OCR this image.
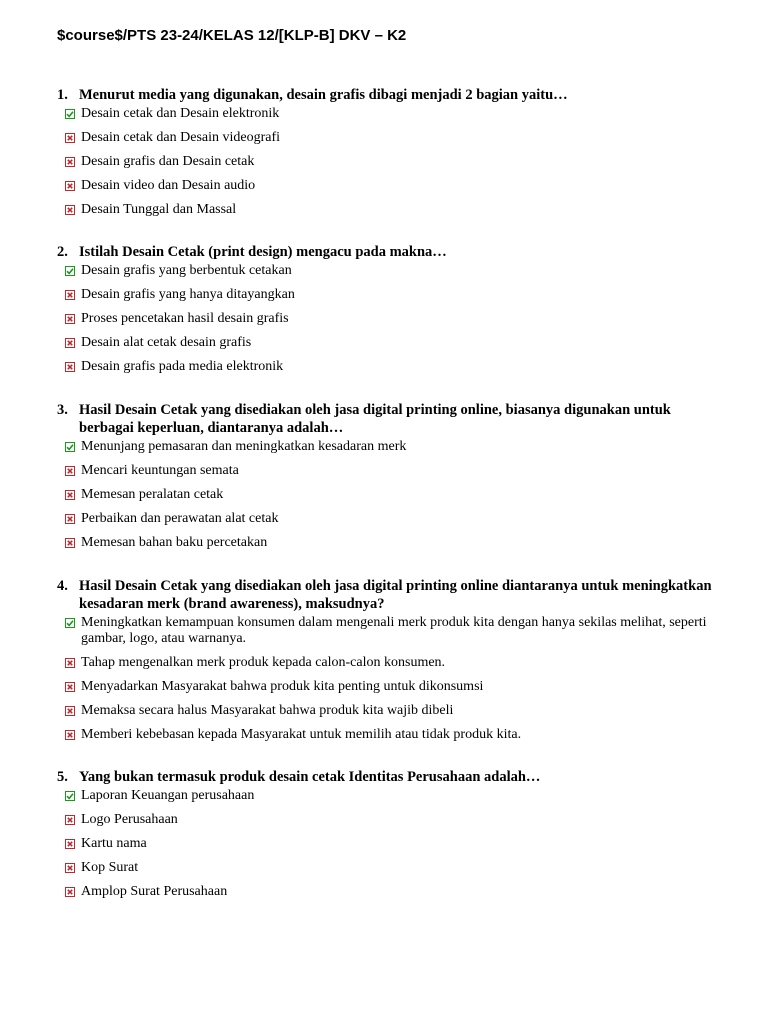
$course$/PTS 23-24/KELAS 12/[KLP-B] DKV – K2
1. Menurut media yang digunakan, desain grafis dibagi menjadi 2 bagian yaitu…
Desain cetak dan Desain elektronik
Desain cetak dan Desain videografi
Desain grafis dan Desain cetak
Desain video dan Desain audio
Desain Tunggal dan Massal
2. Istilah Desain Cetak (print design) mengacu pada makna…
Desain grafis yang berbentuk cetakan
Desain grafis yang hanya ditayangkan
Proses pencetakan hasil desain grafis
Desain alat cetak desain grafis
Desain grafis pada media elektronik
3. Hasil Desain Cetak yang disediakan oleh jasa digital printing online, biasanya digunakan untuk berbagai keperluan, diantaranya adalah…
Menunjang pemasaran dan meningkatkan kesadaran merk
Mencari keuntungan semata
Memesan peralatan cetak
Perbaikan dan perawatan alat cetak
Memesan bahan baku percetakan
4. Hasil Desain Cetak yang disediakan oleh jasa digital printing online diantaranya untuk meningkatkan kesadaran merk (brand awareness), maksudnya?
Meningkatkan kemampuan konsumen dalam mengenali merk produk kita dengan hanya sekilas melihat, seperti gambar, logo, atau warnanya.
Tahap mengenalkan merk produk kepada calon-calon konsumen.
Menyadarkan Masyarakat bahwa produk kita penting untuk dikonsumsi
Memaksa secara halus Masyarakat bahwa produk kita wajib dibeli
Memberi kebebasan kepada Masyarakat untuk memilih atau tidak produk kita.
5. Yang bukan termasuk produk desain cetak Identitas Perusahaan adalah…
Laporan Keuangan perusahaan
Logo Perusahaan
Kartu nama
Kop Surat
Amplop Surat Perusahaan
